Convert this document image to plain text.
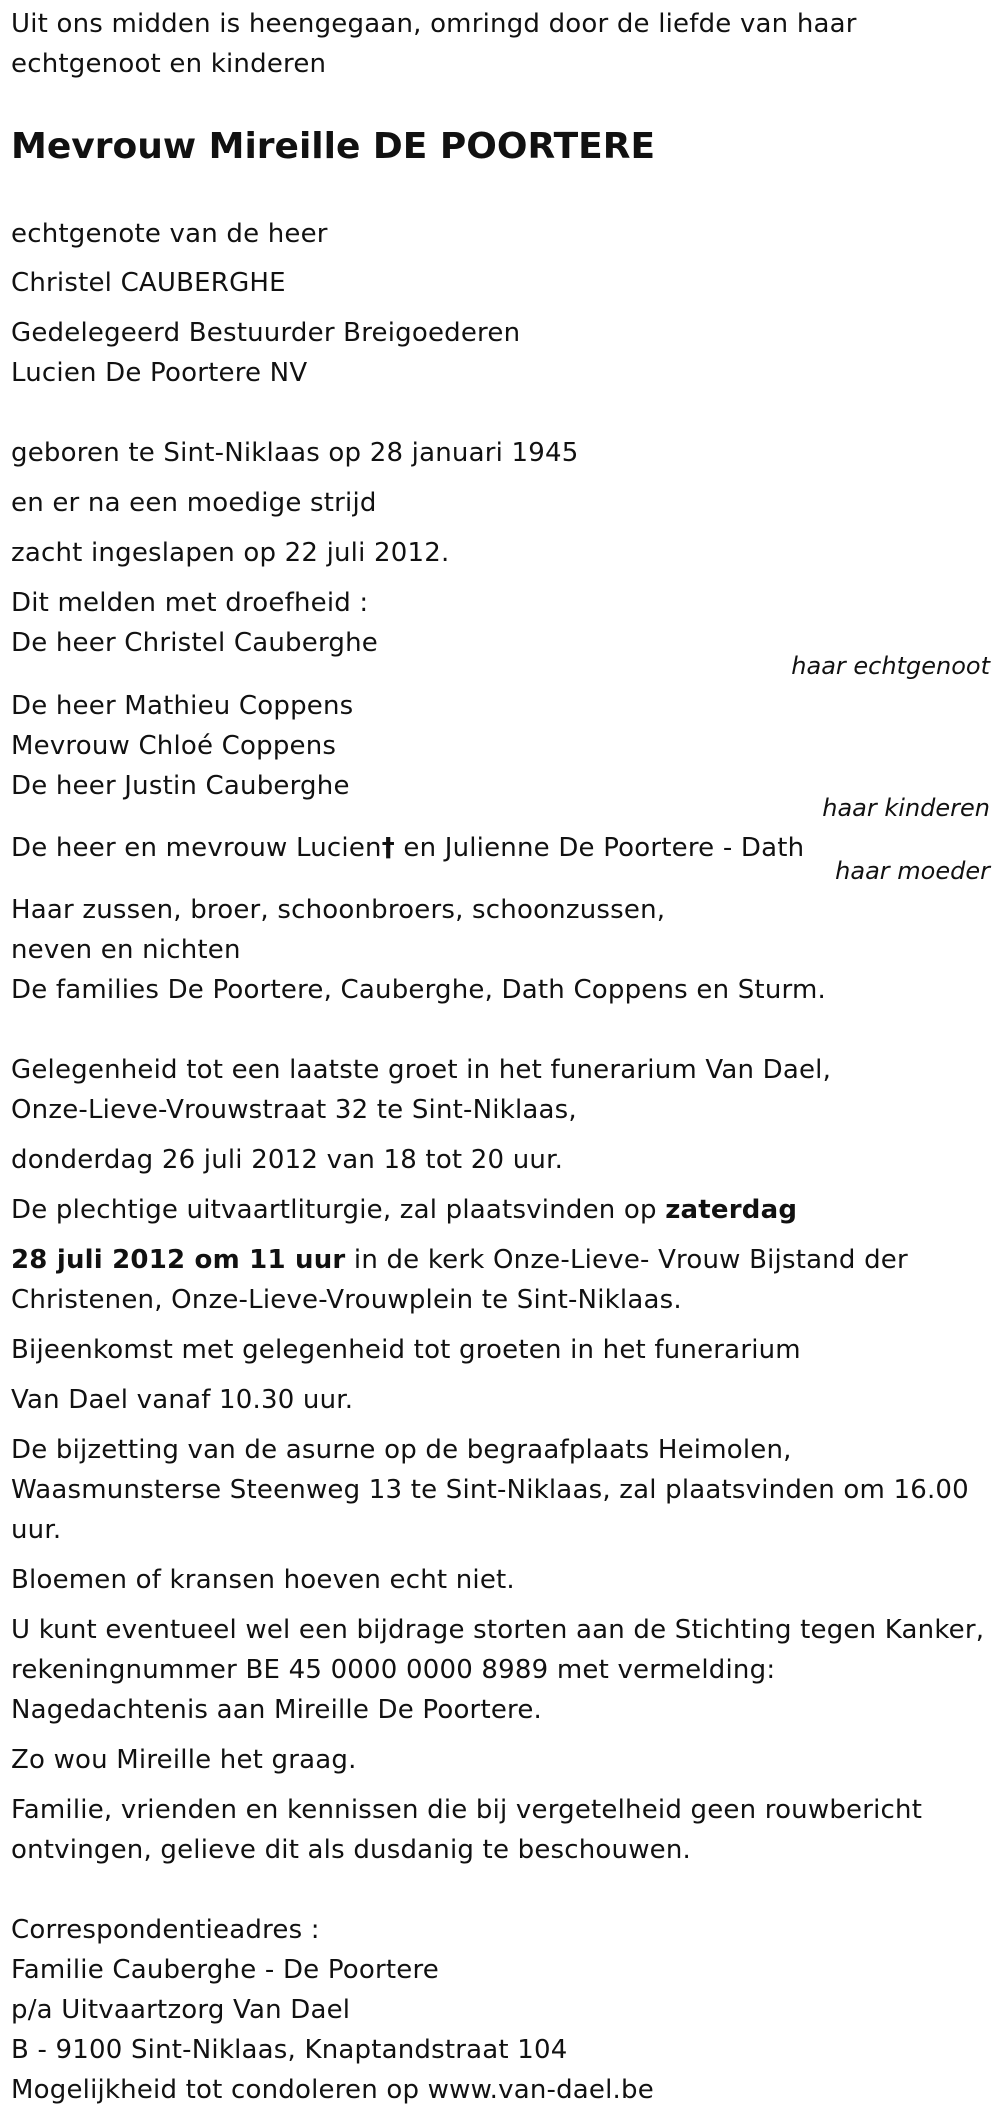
Uit ons midden is heengegaan, omringd door de liefde van haar
echtgenoot en kinderen
Mevrouw Mireille DE POORTERE
echtgenote van de heer
Christel CAUBERGHE
Gedelegeerd Bestuurder Breigoederen
Lucien De Poortere NV
geboren te Sint-Niklaas op 28 januari 1945
en er na een moedige strijd
zacht ingeslapen op 22 juli 2012.
Dit melden met droefheid :
De heer Christel Cauberghe
haar echtgenoot
De heer Mathieu Coppens
Mevrouw Chloé Coppens
De heer Justin Cauberghe
haar kinderen
De heer en mevrouw Lucien† en Julienne De Poortere - Dath
haar moeder
Haar zussen, broer, schoonbroers, schoonzussen,
neven en nichten
De families De Poortere, Cauberghe, Dath Coppens en Sturm.
Gelegenheid tot een laatste groet in het funerarium Van Dael,
Onze-Lieve-Vrouwstraat 32 te Sint-Niklaas,
donderdag 26 juli 2012 van 18 tot 20 uur.
De plechtige uitvaartliturgie, zal plaatsvinden op zaterdag
28 juli 2012 om 11 uur in de kerk Onze-Lieve- Vrouw Bijstand der
Christenen, Onze-Lieve-Vrouwplein te Sint-Niklaas.
Bijeenkomst met gelegenheid tot groeten in het funerarium
Van Dael vanaf 10.30 uur.
De bijzetting van de asurne op de begraafplaats Heimolen,
Waasmunsterse Steenweg 13 te Sint-Niklaas, zal plaatsvinden om 16.00
uur.
Bloemen of kransen hoeven echt niet.
U kunt eventueel wel een bijdrage storten aan de Stichting tegen Kanker,
rekeningnummer BE 45 0000 0000 8989 met vermelding:
Nagedachtenis aan Mireille De Poortere.
Zo wou Mireille het graag.
Familie, vrienden en kennissen die bij vergetelheid geen rouwbericht
ontvingen, gelieve dit als dusdanig te beschouwen.
Correspondentieadres :
Familie Cauberghe - De Poortere
p/a Uitvaartzorg Van Dael
B - 9100 Sint-Niklaas, Knaptandstraat 104
Mogelijkheid tot condoleren op www.van-dael.be
